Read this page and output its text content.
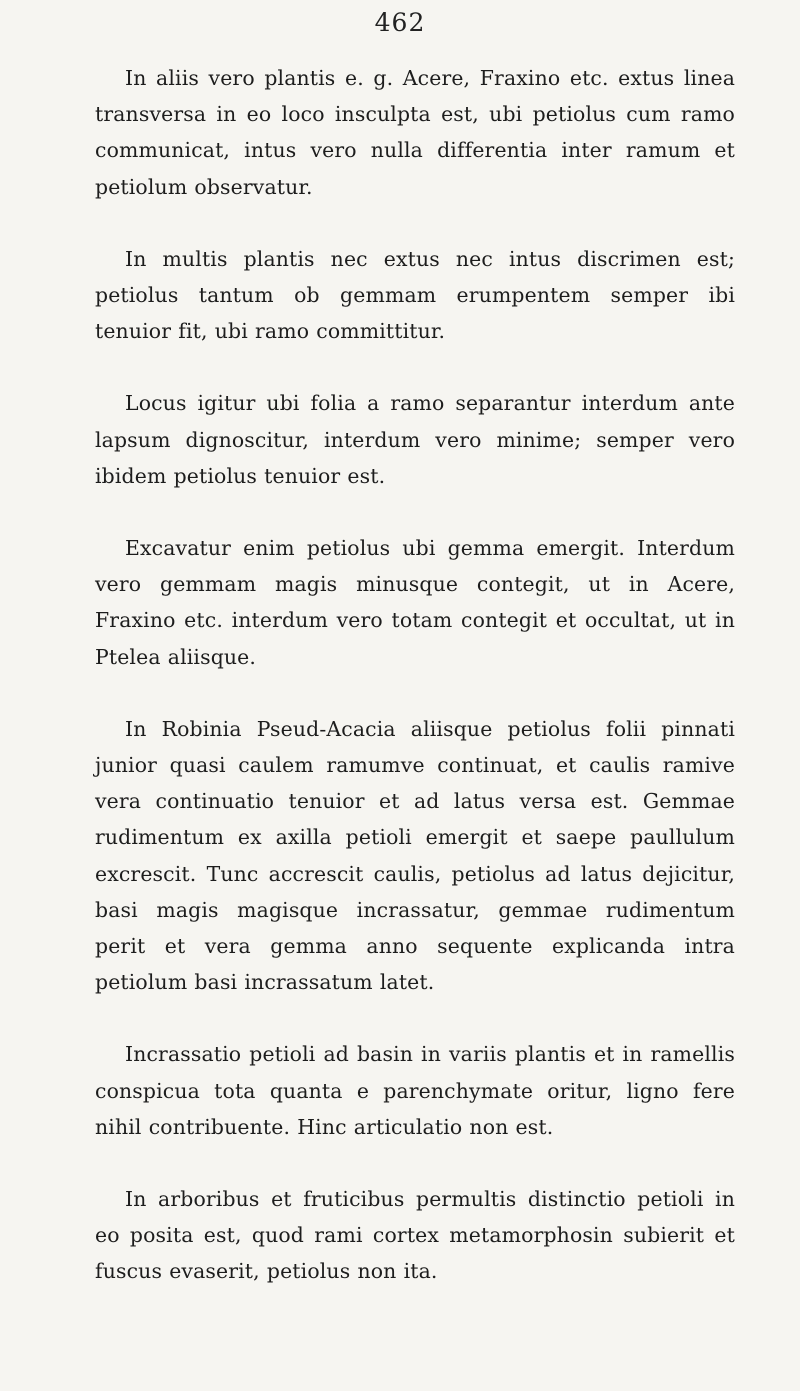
462

In aliis vero plantis e. g. Acere, Fraxino etc. extus linea transversa in eo loco insculpta est, ubi petiolus cum ramo communicat, intus vero nulla differentia inter ramum et petiolum observatur.

In multis plantis nec extus nec intus discrimen est; petiolus tantum ob gemmam erumpentem semper ibi tenuior fit, ubi ramo committitur.

Locus igitur ubi folia a ramo separantur interdum ante lapsum dignoscitur, interdum vero minime; semper vero ibidem petiolus tenuior est.

Excavatur enim petiolus ubi gemma emergit. Interdum vero gemmam magis minusque contegit, ut in Acere, Fraxino etc. interdum vero totam contegit et occultat, ut in Ptelea aliisque.

In Robinia Pseud-Acacia aliisque petiolus folii pinnati junior quasi caulem ramumve continuat, et caulis ramive vera continuatio tenuior et ad latus versa est. Gemmae rudimentum ex axilla petioli emergit et saepe paullulum excrescit. Tunc accrescit caulis, petiolus ad latus dejicitur, basi magis magisque incrassatur, gemmae rudimentum perit et vera gemma anno sequente explicanda intra petiolum basi incrassatum latet.

Incrassatio petioli ad basin in variis plantis et in ramellis conspicua tota quanta e parenchymate oritur, ligno fere nihil contribuente. Hinc articulatio non est.

In arboribus et fruticibus permultis distinctio petioli in eo posita est, quod rami cortex metamorphosin subierit et fuscus evaserit, petiolus non ita.
